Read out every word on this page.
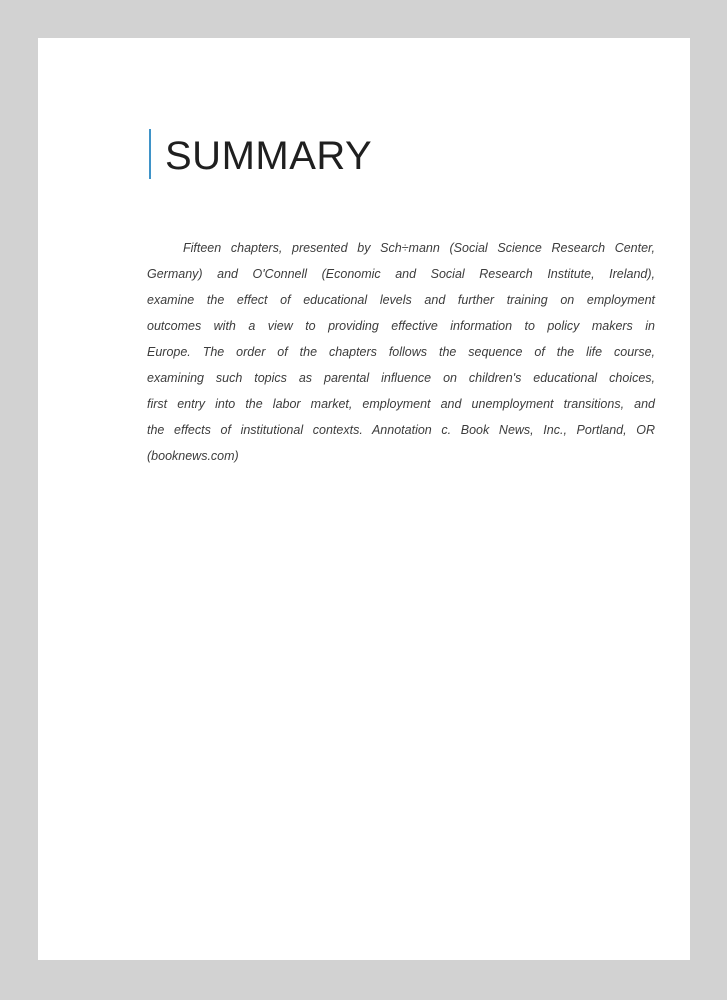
SUMMARY
Fifteen chapters, presented by Sch÷mann (Social Science Research Center,
Germany) and O'Connell (Economic and Social Research Institute, Ireland),
examine the effect of educational levels and further training on employment
outcomes with a view to providing effective information to policy makers in
Europe. The order of the chapters follows the sequence of the life course,
examining such topics as parental influence on children's educational choices,
first entry into the labor market, employment and unemployment transitions, and
the effects of institutional contexts. Annotation c. Book News, Inc., Portland, OR
(booknews.com)
